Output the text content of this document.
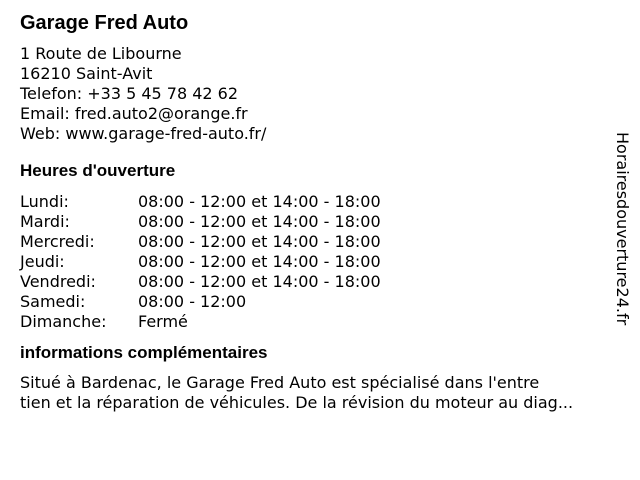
Garage Fred Auto
1 Route de Libourne
16210 Saint-Avit
Telefon: +33 5 45 78 42 62
Email: fred.auto2@orange.fr
Web: www.garage-fred-auto.fr/
Heures d'ouverture
Lundi:	08:00 - 12:00 et 14:00 - 18:00
Mardi:	08:00 - 12:00 et 14:00 - 18:00
Mercredi:	08:00 - 12:00 et 14:00 - 18:00
Jeudi:	08:00 - 12:00 et 14:00 - 18:00
Vendredi:	08:00 - 12:00 et 14:00 - 18:00
Samedi:	08:00 - 12:00
Dimanche:	Fermé
informations complémentaires
Situé à Bardenac, le Garage Fred Auto est spécialisé dans l'entre
tien et la réparation de véhicules. De la révision du moteur au diag...
Horairesdouverture24.fr
